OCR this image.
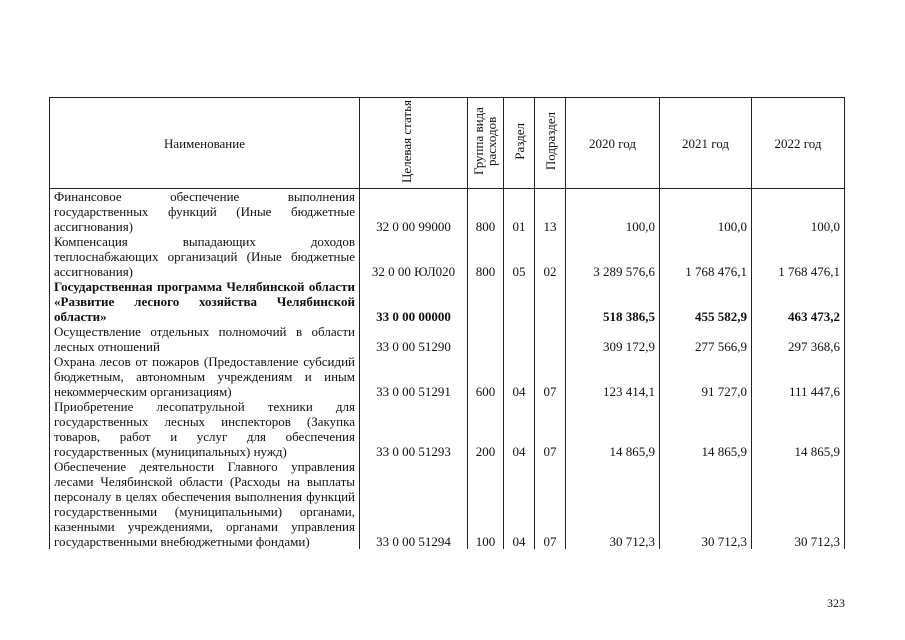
Наименование	Целевая статья	Группа вида расходов	Раздел	Подраздел	2020 год	2021 год	2022 год
Финансовое обеспечение выполнения государственных функций (Иные бюджетные ассигнования)	32 0 00 99000	800	01	13	100,0	100,0	100,0
Компенсация выпадающих доходов теплоснабжающих организаций (Иные бюджетные ассигнования)	32 0 00 ЮЛ020	800	05	02	3 289 576,6	1 768 476,1	1 768 476,1
Государственная программа Челябинской области «Развитие лесного хозяйства Челябинской области»	33 0 00 00000				518 386,5	455 582,9	463 473,2
Осуществление отдельных полномочий в области лесных отношений	33 0 00 51290				309 172,9	277 566,9	297 368,6
Охрана лесов от пожаров (Предоставление субсидий бюджетным, автономным учреждениям и иным некоммерческим организациям)	33 0 00 51291	600	04	07	123 414,1	91 727,0	111 447,6
Приобретение лесопатрульной техники для государственных лесных инспекторов (Закупка товаров, работ и услуг для обеспечения государственных (муниципальных) нужд)	33 0 00 51293	200	04	07	14 865,9	14 865,9	14 865,9
Обеспечение деятельности Главного управления лесами Челябинской области (Расходы на выплаты персоналу в целях обеспечения выполнения функций государственными (муниципальными) органами, казенными учреждениями, органами управления государственными внебюджетными фондами)	33 0 00 51294	100	04	07	30 712,3	30 712,3	30 712,3
323
